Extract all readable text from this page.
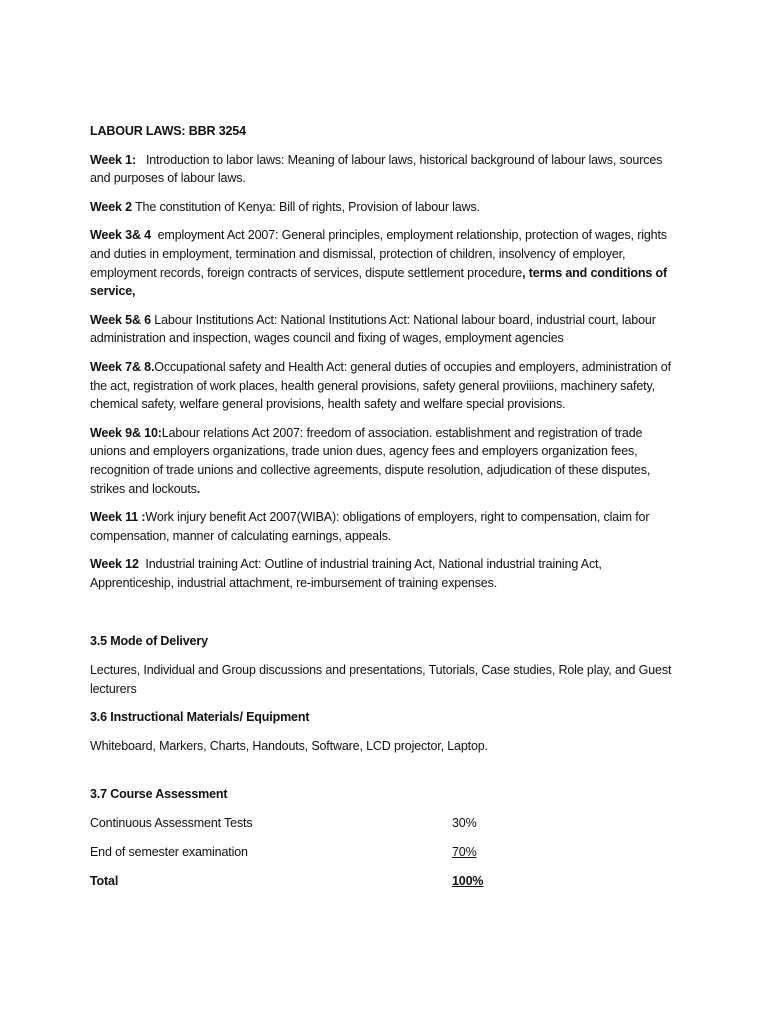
LABOUR LAWS: BBR 3254

Week 1: Introduction to labor laws: Meaning of labour laws, historical background of labour laws, sources and purposes of labour laws.

Week 2 The constitution of Kenya: Bill of rights, Provision of labour laws.

Week 3& 4 employment Act 2007: General principles, employment relationship, protection of wages, rights and duties in employment, termination and dismissal, protection of children, insolvency of employer, employment records, foreign contracts of services, dispute settlement procedure, terms and conditions of service,

Week 5& 6 Labour Institutions Act: National Institutions Act: National labour board, industrial court, labour administration and inspection, wages council and fixing of wages, employment agencies

Week 7& 8.Occupational safety and Health Act: general duties of occupies and employers, administration of the act, registration of work places, health general provisions, safety general proviiions, machinery safety, chemical safety, welfare general provisions, health safety and welfare special provisions.

Week 9& 10:Labour relations Act 2007: freedom of association. establishment and registration of trade unions and employers organizations, trade union dues, agency fees and employers organization fees, recognition of trade unions and collective agreements, dispute resolution, adjudication of these disputes, strikes and lockouts.

Week 11 :Work injury benefit Act 2007(WIBA): obligations of employers, right to compensation, claim for compensation, manner of calculating earnings, appeals.

Week 12 Industrial training Act: Outline of industrial training Act, National industrial training Act, Apprenticeship, industrial attachment, re-imbursement of training expenses.

3.5 Mode of Delivery

Lectures, Individual and Group discussions and presentations, Tutorials, Case studies, Role play, and Guest lecturers

3.6 Instructional Materials/ Equipment

Whiteboard, Markers, Charts, Handouts, Software, LCD projector, Laptop.

3.7 Course Assessment

Continuous Assessment Tests	30%
End of semester examination	70%
Total	100%
